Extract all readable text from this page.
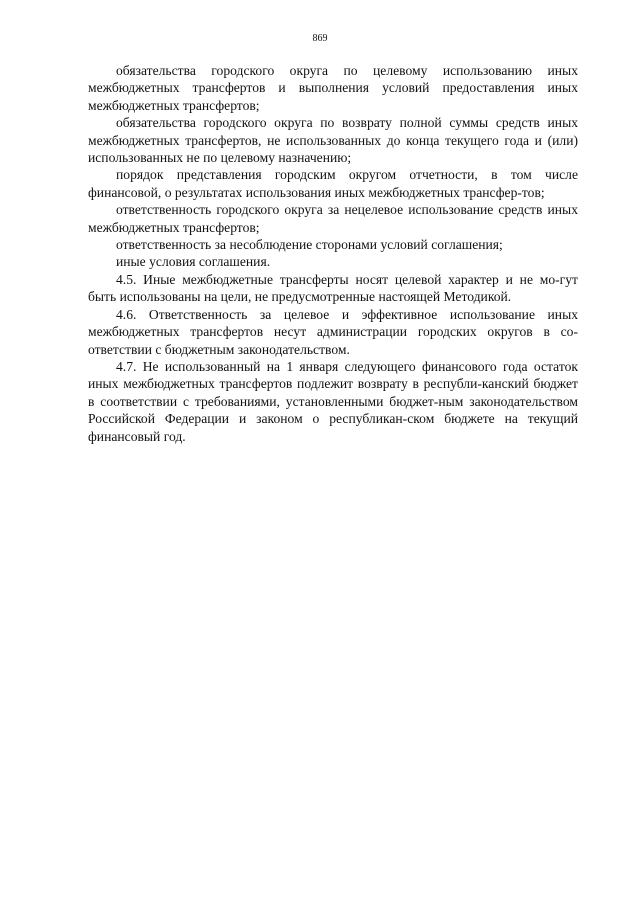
869

обязательства городского округа по целевому использованию иных межбюджетных трансфертов и выполнения условий предоставления иных межбюджетных трансфертов;

обязательства городского округа по возврату полной суммы средств иных межбюджетных трансфертов, не использованных до конца текущего года и (или) использованных не по целевому назначению;

порядок представления городским округом отчетности, в том числе финансовой, о результатах использования иных межбюджетных трансфер-тов;

ответственность городского округа за нецелевое использование средств иных межбюджетных трансфертов;

ответственность за несоблюдение сторонами условий соглашения;

иные условия соглашения.

4.5. Иные межбюджетные трансферты носят целевой характер и не мо-гут быть использованы на цели, не предусмотренные настоящей Методикой.

4.6. Ответственность за целевое и эффективное использование иных межбюджетных трансфертов несут администрации городских округов в со-ответствии с бюджетным законодательством.

4.7. Не использованный на 1 января следующего финансового года остаток иных межбюджетных трансфертов подлежит возврату в республи-канский бюджет в соответствии с требованиями, установленными бюджет-ным законодательством Российской Федерации и законом о республикан-ском бюджете на текущий финансовый год.
